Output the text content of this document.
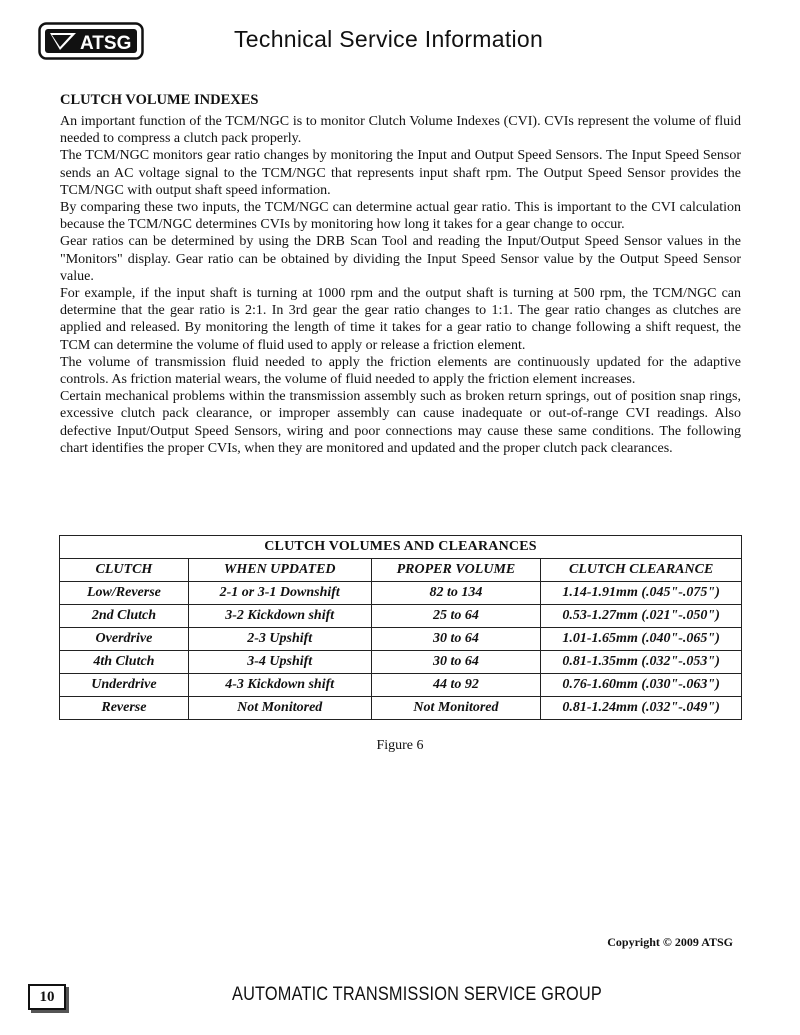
ATSG	Technical Service Information
CLUTCH VOLUME INDEXES

An important function of the TCM/NGC is to monitor Clutch Volume Indexes (CVI). CVIs represent the volume of fluid needed to compress a clutch pack properly.

The TCM/NGC monitors gear ratio changes by monitoring the Input and Output Speed Sensors. The Input Speed Sensor sends an AC voltage signal to the TCM/NGC that represents input shaft rpm. The Output Speed Sensor provides the TCM/NGC with output shaft speed information.

By comparing these two inputs, the TCM/NGC can determine actual gear ratio. This is important to the CVI calculation because the TCM/NGC determines CVIs by monitoring how long it takes for a gear change to occur.

Gear ratios can be determined by using the DRB Scan Tool and reading the Input/Output Speed Sensor values in the "Monitors" display. Gear ratio can be obtained by dividing the Input Speed Sensor value by the Output Speed Sensor value.

For example, if the input shaft is turning at 1000 rpm and the output shaft is turning at 500 rpm, the TCM/NGC can determine that the gear ratio is 2:1. In 3rd gear the gear ratio changes to 1:1. The gear ratio changes as clutches are applied and released. By monitoring the length of time it takes for a gear ratio to change following a shift request, the TCM can determine the volume of fluid used to apply or release a friction element.

The volume of transmission fluid needed to apply the friction elements are continuously updated for the adaptive controls. As friction material wears, the volume of fluid needed to apply the friction element increases.

Certain mechanical problems within the transmission assembly such as broken return springs, out of position snap rings, excessive clutch pack clearance, or improper assembly can cause inadequate or out-of-range CVI readings. Also defective Input/Output Speed Sensors, wiring and poor connections may cause these same conditions. The following chart identifies the proper CVIs, when they are monitored and updated and the proper clutch pack clearances.

CLUTCH VOLUMES AND CLEARANCES			
CLUTCH	WHEN UPDATED	PROPER VOLUME	CLUTCH CLEARANCE
Low/Reverse	2-1 or 3-1 Downshift	82 to 134	1.14-1.91mm (.045"-.075")
2nd Clutch	3-2 Kickdown shift	25 to 64	0.53-1.27mm (.021"-.050")
Overdrive	2-3 Upshift	30 to 64	1.01-1.65mm (.040"-.065")
4th Clutch	3-4 Upshift	30 to 64	0.81-1.35mm (.032"-.053")
Underdrive	4-3 Kickdown shift	44 to 92	0.76-1.60mm (.030"-.063")
Reverse	Not Monitored	Not Monitored	0.81-1.24mm (.032"-.049")
Figure 6
Copyright © 2009 ATSG
10	AUTOMATIC TRANSMISSION SERVICE GROUP
